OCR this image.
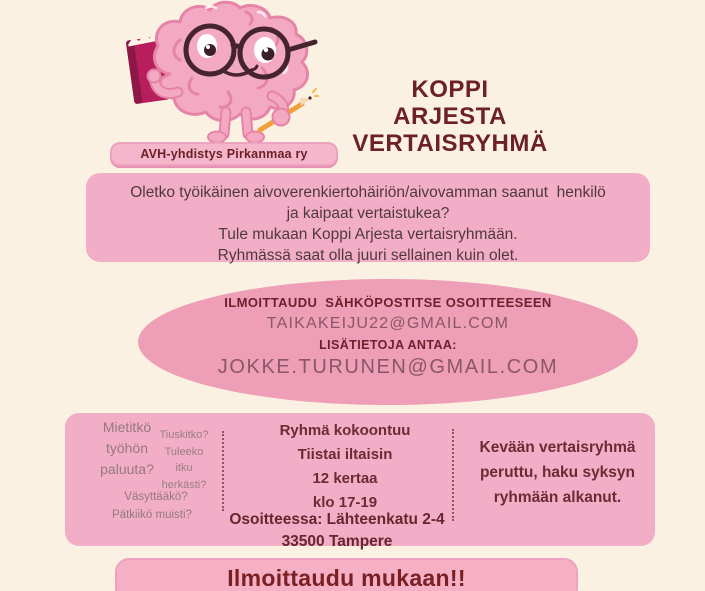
AVH-yhdistys Pirkanmaa ry
KOPPI
ARJESTA
VERTAISRYHMÄ
Oletko työikäinen aivoverenkiertohäiriön/aivovamman saanut  henkilö
ja kaipaat vertaistukea?
Tule mukaan Koppi Arjesta vertaisryhmään.
Ryhmässä saat olla juuri sellainen kuin olet.
ILMOITTAUDU  SÄHKÖPOSTITSE OSOITTEESEEN
TAIKAKEIJU22@GMAIL.COM
LISÄTIETOJA ANTAA:
JOKKE.TURUNEN@GMAIL.COM
Mietitkö
työhön
paluuta?
Tiuskitko?
Tuleeko
itku
herkästi?
Väsyttääkö?
Pätkiikö muisti?
Ryhmä kokoontuu
Tiistai iltaisin
12 kertaa
klo 17-19
Osoitteessa: Lähteenkatu 2-4
33500 Tampere
Kevään vertaisryhmä peruttu, haku syksyn ryhmään alkanut.
Ilmoittaudu mukaan!!
